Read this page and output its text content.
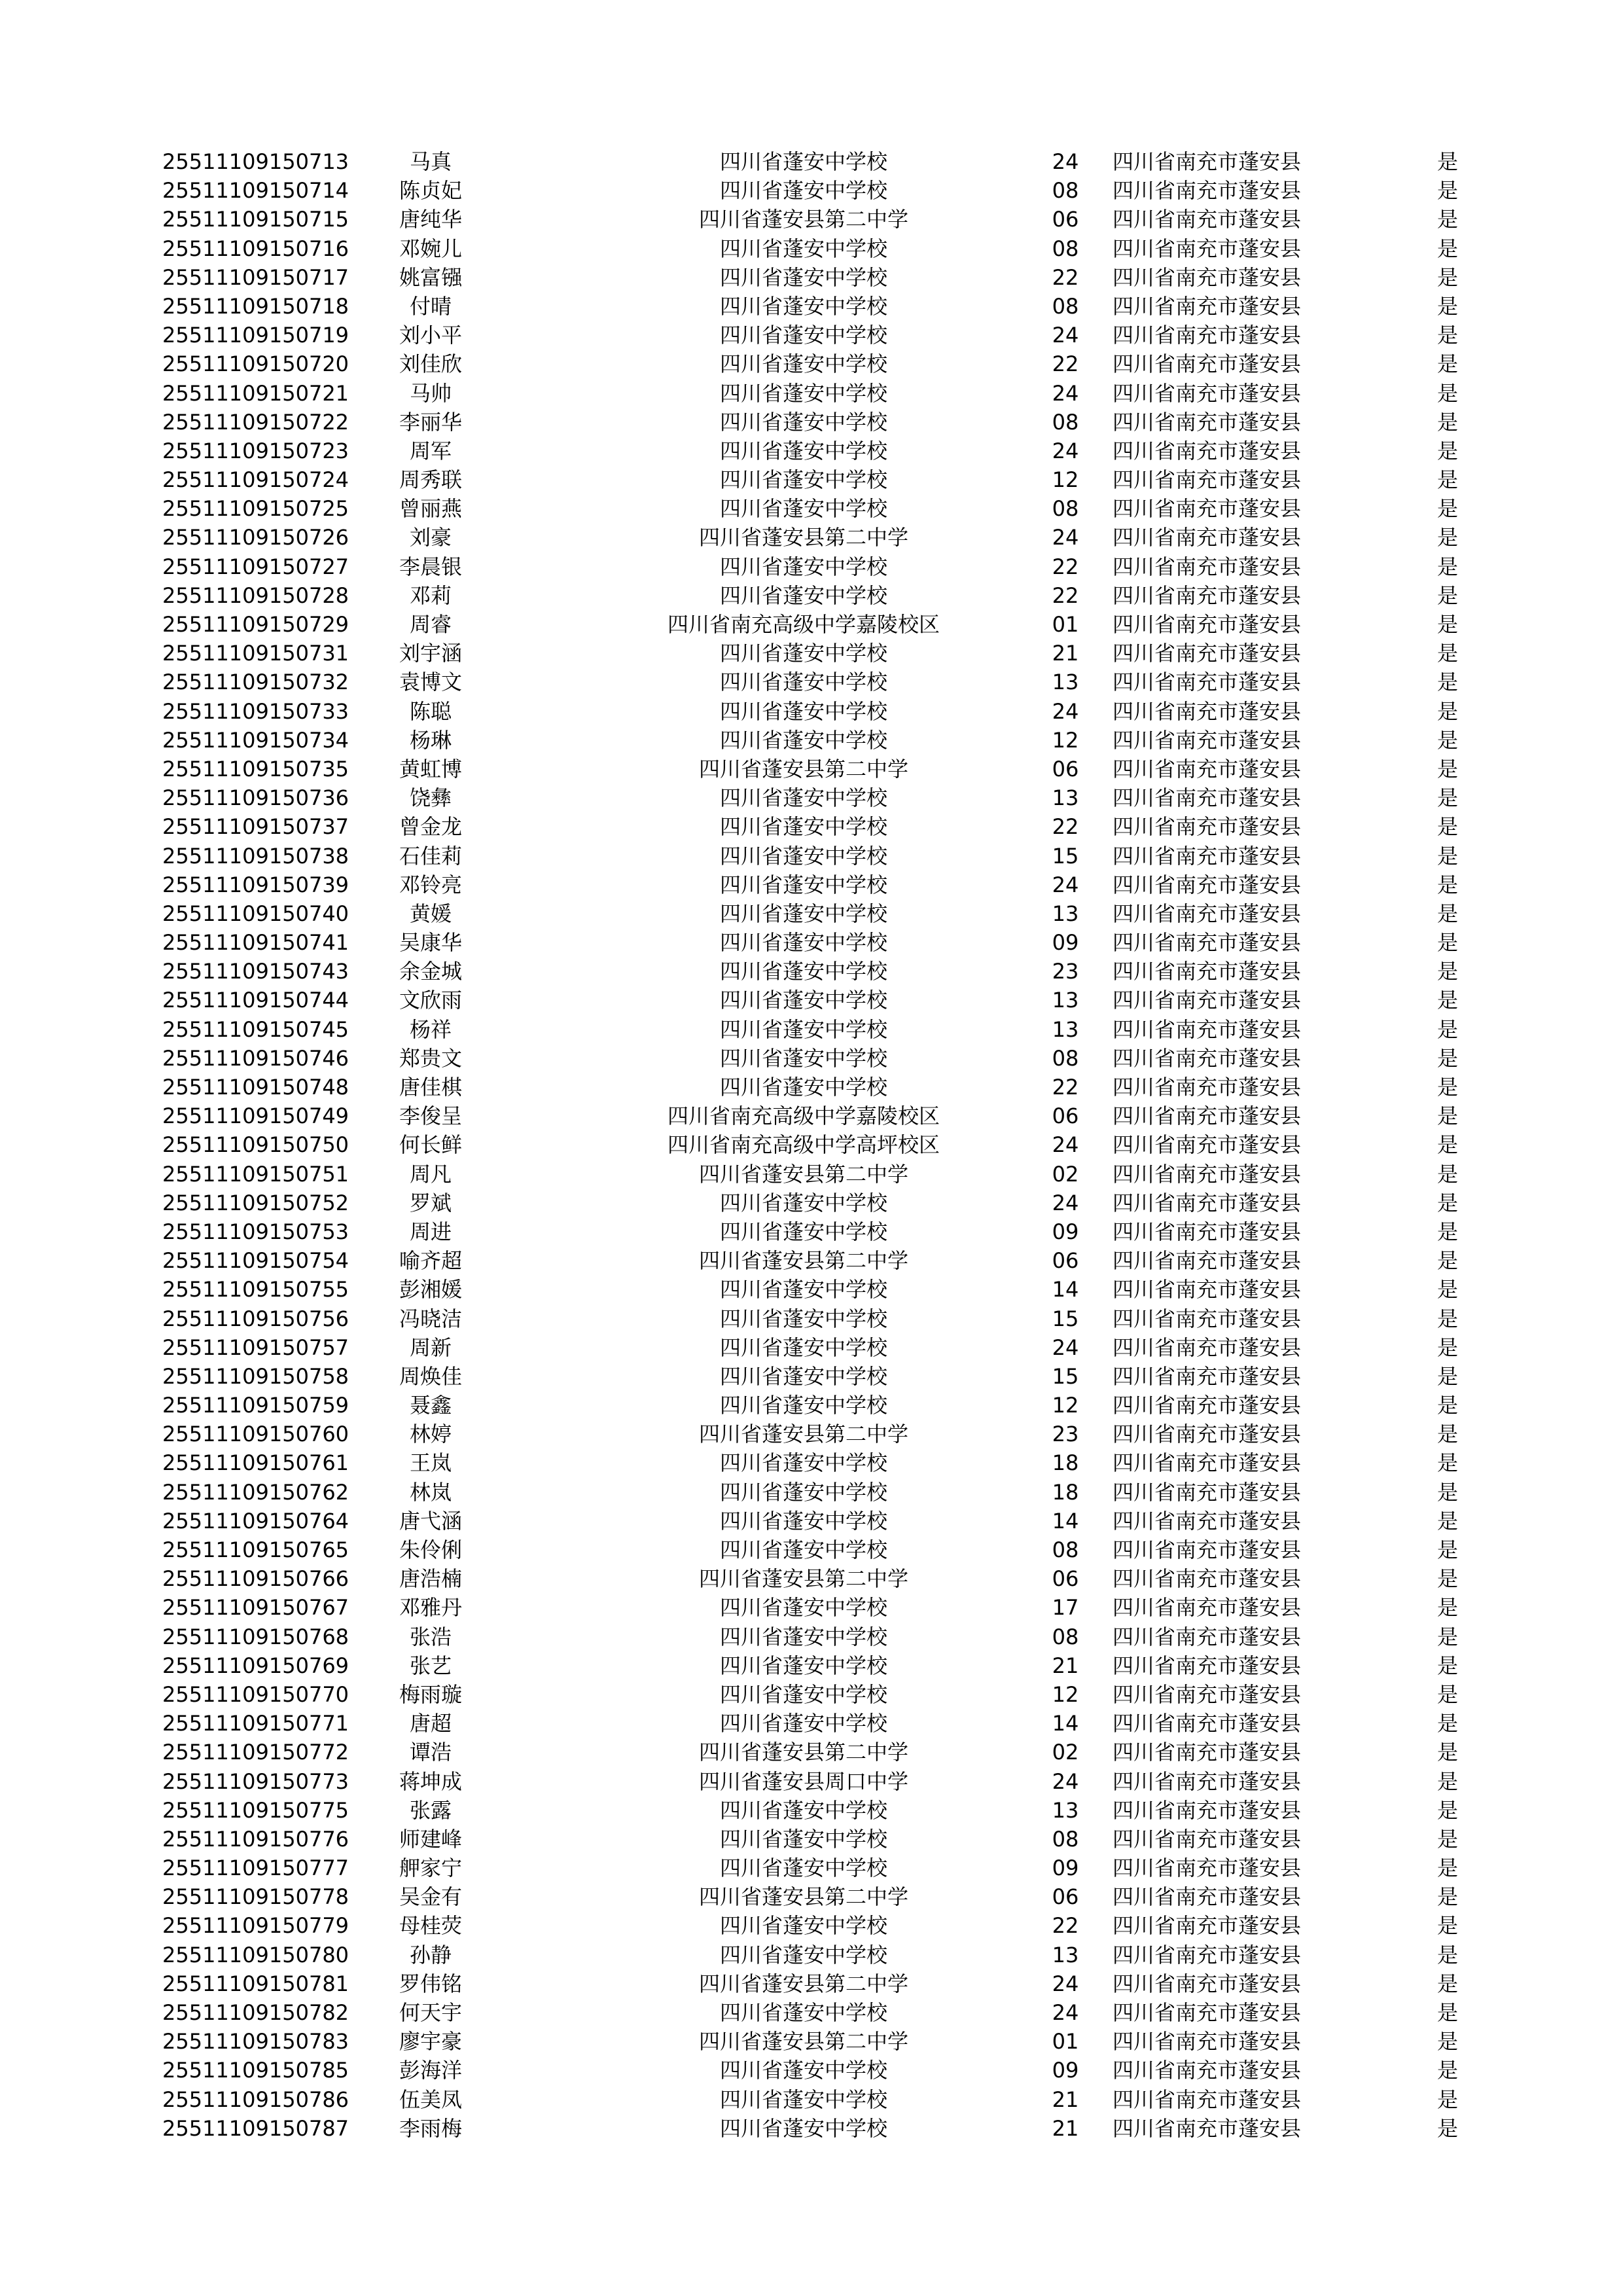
25511109150713	马真	四川省蓬安中学校	24	四川省南充市蓬安县	是
25511109150714	陈贞妃	四川省蓬安中学校	08	四川省南充市蓬安县	是
25511109150715	唐纯华	四川省蓬安县第二中学	06	四川省南充市蓬安县	是
25511109150716	邓婉儿	四川省蓬安中学校	08	四川省南充市蓬安县	是
25511109150717	姚富镪	四川省蓬安中学校	22	四川省南充市蓬安县	是
25511109150718	付晴	四川省蓬安中学校	08	四川省南充市蓬安县	是
25511109150719	刘小平	四川省蓬安中学校	24	四川省南充市蓬安县	是
25511109150720	刘佳欣	四川省蓬安中学校	22	四川省南充市蓬安县	是
25511109150721	马帅	四川省蓬安中学校	24	四川省南充市蓬安县	是
25511109150722	李丽华	四川省蓬安中学校	08	四川省南充市蓬安县	是
25511109150723	周军	四川省蓬安中学校	24	四川省南充市蓬安县	是
25511109150724	周秀联	四川省蓬安中学校	12	四川省南充市蓬安县	是
25511109150725	曾丽燕	四川省蓬安中学校	08	四川省南充市蓬安县	是
25511109150726	刘豪	四川省蓬安县第二中学	24	四川省南充市蓬安县	是
25511109150727	李晨银	四川省蓬安中学校	22	四川省南充市蓬安县	是
25511109150728	邓莉	四川省蓬安中学校	22	四川省南充市蓬安县	是
25511109150729	周睿	四川省南充高级中学嘉陵校区	01	四川省南充市蓬安县	是
25511109150731	刘宇涵	四川省蓬安中学校	21	四川省南充市蓬安县	是
25511109150732	袁博文	四川省蓬安中学校	13	四川省南充市蓬安县	是
25511109150733	陈聪	四川省蓬安中学校	24	四川省南充市蓬安县	是
25511109150734	杨琳	四川省蓬安中学校	12	四川省南充市蓬安县	是
25511109150735	黄虹博	四川省蓬安县第二中学	06	四川省南充市蓬安县	是
25511109150736	饶彝	四川省蓬安中学校	13	四川省南充市蓬安县	是
25511109150737	曾金龙	四川省蓬安中学校	22	四川省南充市蓬安县	是
25511109150738	石佳莉	四川省蓬安中学校	15	四川省南充市蓬安县	是
25511109150739	邓铃亮	四川省蓬安中学校	24	四川省南充市蓬安县	是
25511109150740	黄媛	四川省蓬安中学校	13	四川省南充市蓬安县	是
25511109150741	吴康华	四川省蓬安中学校	09	四川省南充市蓬安县	是
25511109150743	余金城	四川省蓬安中学校	23	四川省南充市蓬安县	是
25511109150744	文欣雨	四川省蓬安中学校	13	四川省南充市蓬安县	是
25511109150745	杨祥	四川省蓬安中学校	13	四川省南充市蓬安县	是
25511109150746	郑贵文	四川省蓬安中学校	08	四川省南充市蓬安县	是
25511109150748	唐佳棋	四川省蓬安中学校	22	四川省南充市蓬安县	是
25511109150749	李俊呈	四川省南充高级中学嘉陵校区	06	四川省南充市蓬安县	是
25511109150750	何长鲜	四川省南充高级中学高坪校区	24	四川省南充市蓬安县	是
25511109150751	周凡	四川省蓬安县第二中学	02	四川省南充市蓬安县	是
25511109150752	罗斌	四川省蓬安中学校	24	四川省南充市蓬安县	是
25511109150753	周进	四川省蓬安中学校	09	四川省南充市蓬安县	是
25511109150754	喻齐超	四川省蓬安县第二中学	06	四川省南充市蓬安县	是
25511109150755	彭湘媛	四川省蓬安中学校	14	四川省南充市蓬安县	是
25511109150756	冯晓洁	四川省蓬安中学校	15	四川省南充市蓬安县	是
25511109150757	周新	四川省蓬安中学校	24	四川省南充市蓬安县	是
25511109150758	周焕佳	四川省蓬安中学校	15	四川省南充市蓬安县	是
25511109150759	聂鑫	四川省蓬安中学校	12	四川省南充市蓬安县	是
25511109150760	林婷	四川省蓬安县第二中学	23	四川省南充市蓬安县	是
25511109150761	王岚	四川省蓬安中学校	18	四川省南充市蓬安县	是
25511109150762	林岚	四川省蓬安中学校	18	四川省南充市蓬安县	是
25511109150764	唐弋涵	四川省蓬安中学校	14	四川省南充市蓬安县	是
25511109150765	朱伶俐	四川省蓬安中学校	08	四川省南充市蓬安县	是
25511109150766	唐浩楠	四川省蓬安县第二中学	06	四川省南充市蓬安县	是
25511109150767	邓雅丹	四川省蓬安中学校	17	四川省南充市蓬安县	是
25511109150768	张浩	四川省蓬安中学校	08	四川省南充市蓬安县	是
25511109150769	张艺	四川省蓬安中学校	21	四川省南充市蓬安县	是
25511109150770	梅雨璇	四川省蓬安中学校	12	四川省南充市蓬安县	是
25511109150771	唐超	四川省蓬安中学校	14	四川省南充市蓬安县	是
25511109150772	谭浩	四川省蓬安县第二中学	02	四川省南充市蓬安县	是
25511109150773	蒋坤成	四川省蓬安县周口中学	24	四川省南充市蓬安县	是
25511109150775	张露	四川省蓬安中学校	13	四川省南充市蓬安县	是
25511109150776	师建峰	四川省蓬安中学校	08	四川省南充市蓬安县	是
25511109150777	舺家宁	四川省蓬安中学校	09	四川省南充市蓬安县	是
25511109150778	吴金有	四川省蓬安县第二中学	06	四川省南充市蓬安县	是
25511109150779	母桂荧	四川省蓬安中学校	22	四川省南充市蓬安县	是
25511109150780	孙静	四川省蓬安中学校	13	四川省南充市蓬安县	是
25511109150781	罗伟铭	四川省蓬安县第二中学	24	四川省南充市蓬安县	是
25511109150782	何天宇	四川省蓬安中学校	24	四川省南充市蓬安县	是
25511109150783	廖宇豪	四川省蓬安县第二中学	01	四川省南充市蓬安县	是
25511109150785	彭海洋	四川省蓬安中学校	09	四川省南充市蓬安县	是
25511109150786	伍美凤	四川省蓬安中学校	21	四川省南充市蓬安县	是
25511109150787	李雨梅	四川省蓬安中学校	21	四川省南充市蓬安县	是
